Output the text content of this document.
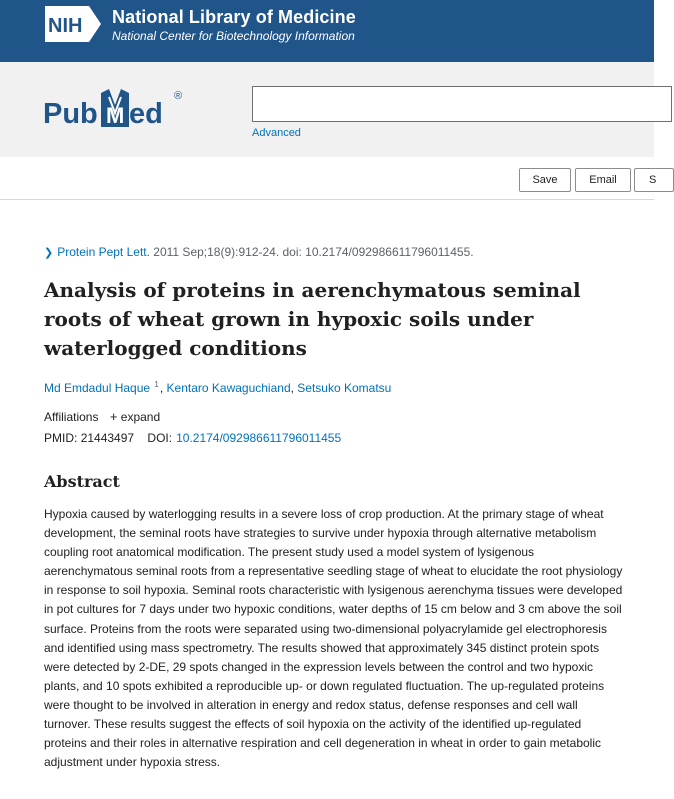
NIH National Library of Medicine
National Center for Biotechnology Information
Pub M ed
®
Advanced
Save	Email	S
❯ Protein Pept Lett. 2011 Sep;18(9):912-24. doi: 10.2174/092986611796011455.
Analysis of proteins in aerenchymatous seminal roots of wheat grown in hypoxic soils under waterlogged conditions
Md Emdadul Haque $^1$, Kentaro Kawaguchiand, Setsuko Komatsu
Affiliations + expand
PMID: 21443497 DOI: 10.2174/092986611796011455
Abstract

Hypoxia caused by waterlogging results in a severe loss of crop production. At the primary stage of wheat development, the seminal roots have strategies to survive under hypoxia through alternative metabolism coupling root anatomical modification. The present study used a model system of lysigenous aerenchymatous seminal roots from a representative seedling stage of wheat to elucidate the root physiology in response to soil hypoxia. Seminal roots characteristic with lysigenous aerenchyma tissues were developed in pot cultures for 7 days under two hypoxic conditions, water depths of 15 cm below and 3 cm above the soil surface. Proteins from the roots were separated using two-dimensional polyacrylamide gel electrophoresis and identified using mass spectrometry. The results showed that approximately 345 distinct protein spots were detected by 2-DE, 29 spots changed in the expression levels between the control and two hypoxic plants, and 10 spots exhibited a reproducible up- or down regulated fluctuation. The up-regulated proteins were thought to be involved in alteration in energy and redox status, defense responses and cell wall turnover. These results suggest the effects of soil hypoxia on the activity of the identified up-regulated proteins and their roles in alternative respiration and cell degeneration in wheat in order to gain metabolic adjustment under hypoxia stress.
